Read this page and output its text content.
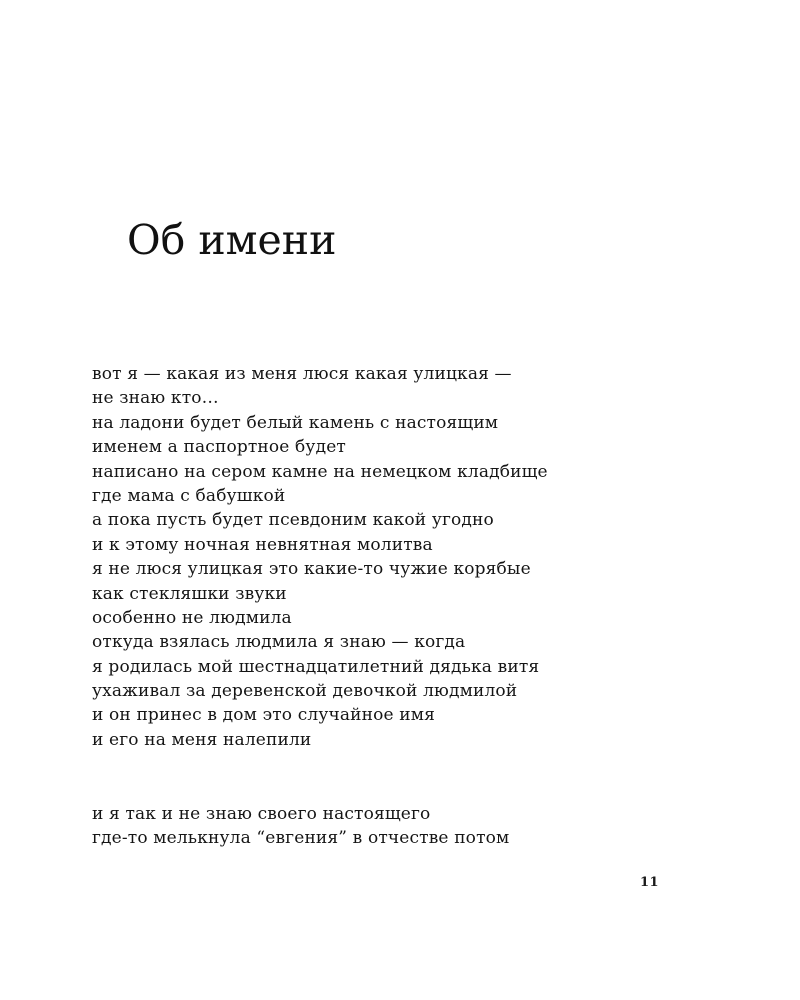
Об имени
вот я — какая из меня люся какая улицкая —
не знаю кто…
на ладони будет белый камень с настоящим
именем а паспортное будет
написано на сером камне на немецком кладбище
где мама с бабушкой
а пока пусть будет псевдоним какой угодно
и к этому ночная невнятная молитва
я не люся улицкая это какие-то чужие корябые
как стекляшки звуки
особенно не людмила
откуда взялась людмила я знаю — когда
я родилась мой шестнадцатилетний дядька витя
ухаживал за деревенской девочкой людмилой
и он принес в дом это случайное имя
и его на меня налепили
и я так и не знаю своего настоящего
где-то мелькнула “евгения” в отчестве потом
11
